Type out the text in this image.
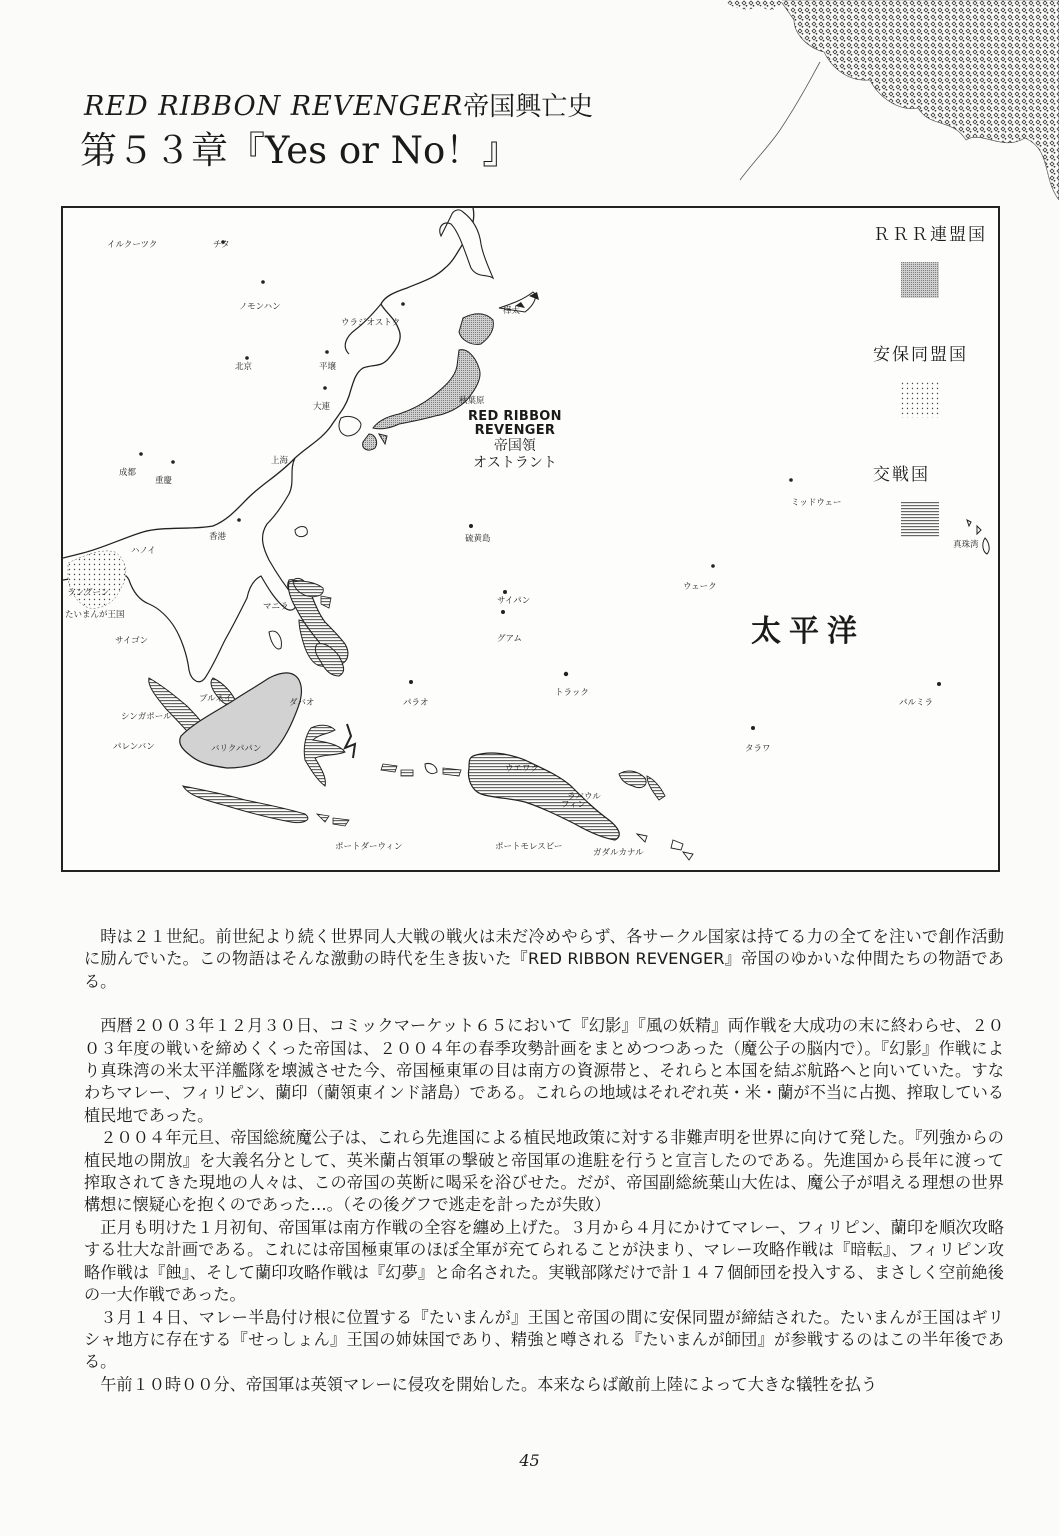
RED RIBBON REVENGER帝国興亡史
第５３章『Yes or No！』
ＲＲＲ連盟国
安保同盟国
交戦国
RED RIBBON
REVENGER
帝国領
オストラント
太平洋
イルクーツク	チタ
ノモンハン
ウラジオストク
樺太
北京	平壌
大連
秋葉原
上海
成都
重慶
香港
ハノイ
ラングーン
たいまんが王国
サイゴン
マニラ
硫黄島
ミッドウェー
真珠湾
ウェーク
サイパン
グアム
ブルネイ
シンガポール
バリクパパン
パレンバン
ダバオ	パラオ
トラック
パルミラ
タラワ
ウエワク
フィン
ラバウル
ポートダーウィン	ポートモレスビー
ガダルカナル

時は２１世紀。前世紀より続く世界同人大戦の戦火は未だ冷めやらず、各サークル国家は持てる力の全てを注いで創作活動に励んでいた。この物語はそんな激動の時代を生き抜いた『RED RIBBON REVENGER』帝国のゆかいな仲間たちの物語である。

西暦２００３年１２月３０日、コミックマーケット６５において『幻影』『風の妖精』両作戦を大成功の末に終わらせ、２００３年度の戦いを締めくくった帝国は、２００４年の春季攻勢計画をまとめつつあった（魔公子の脳内で）。『幻影』作戦により真珠湾の米太平洋艦隊を壊滅させた今、帝国極東軍の目は南方の資源帯と、それらと本国を結ぶ航路へと向いていた。すなわちマレー、フィリピン、蘭印（蘭領東インド諸島）である。これらの地域はそれぞれ英・米・蘭が不当に占拠、搾取している植民地であった。

２００４年元旦、帝国総統魔公子は、これら先進国による植民地政策に対する非難声明を世界に向けて発した。『列強からの植民地の開放』を大義名分として、英米蘭占領軍の撃破と帝国軍の進駐を行うと宣言したのである。先進国から長年に渡って搾取されてきた現地の人々は、この帝国の英断に喝采を浴びせた。だが、帝国副総統葉山大佐は、魔公子が唱える理想の世界構想に懐疑心を抱くのであった…。（その後グフで逃走を計ったが失敗）

正月も明けた１月初旬、帝国軍は南方作戦の全容を纏め上げた。３月から４月にかけてマレー、フィリピン、蘭印を順次攻略する壮大な計画である。これには帝国極東軍のほぼ全軍が充てられることが決まり、マレー攻略作戦は『暗転』、フィリピン攻略作戦は『蝕』、そして蘭印攻略作戦は『幻夢』と命名された。実戦部隊だけで計１４７個師団を投入する、まさしく空前絶後の一大作戦であった。

３月１４日、マレー半島付け根に位置する『たいまんが』王国と帝国の間に安保同盟が締結された。たいまんが王国はギリシャ地方に存在する『せっしょん』王国の姉妹国であり、精強と噂される『たいまんが師団』が参戦するのはこの半年後である。

午前１０時００分、帝国軍は英領マレーに侵攻を開始した。本来ならば敵前上陸によって大きな犠牲を払う

45
